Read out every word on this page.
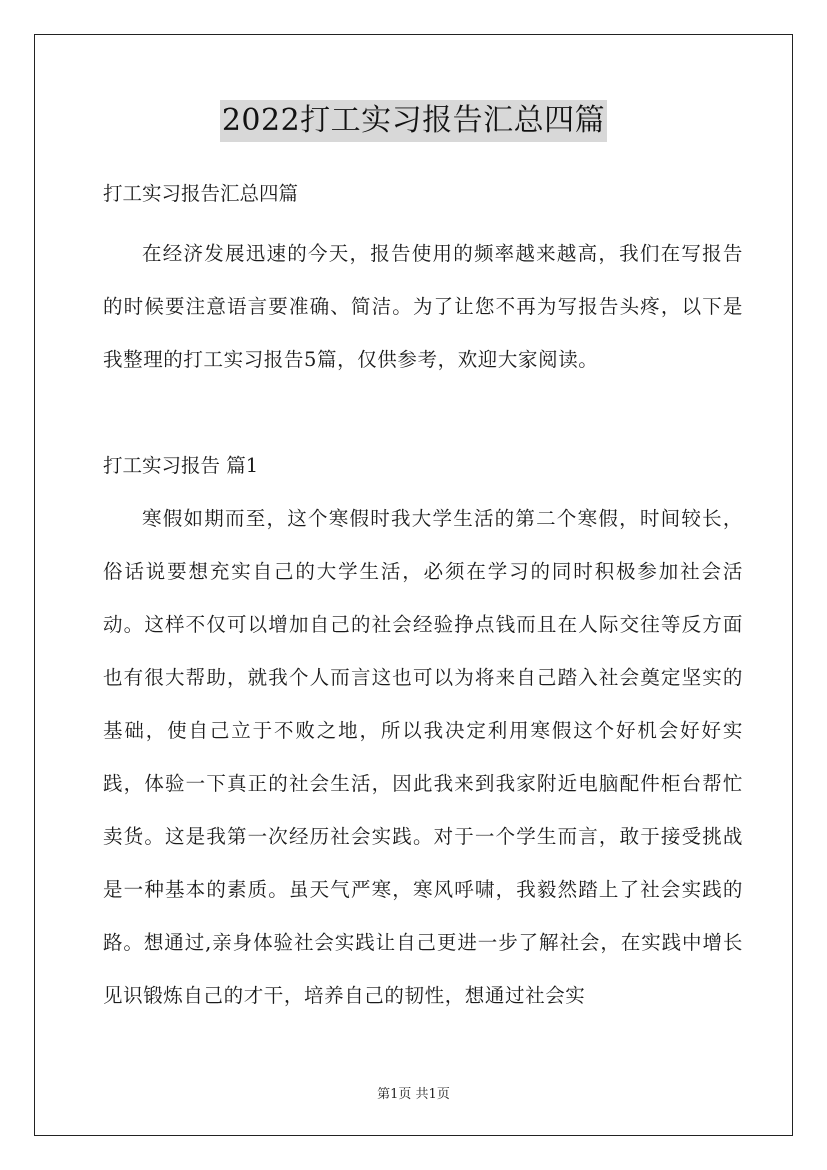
2022打工实习报告汇总四篇

打工实习报告汇总四篇

在经济发展迅速的今天，报告使用的频率越来越高，我们在写报告的时候要注意语言要准确、简洁。为了让您不再为写报告头疼，以下是我整理的打工实习报告5篇，仅供参考，欢迎大家阅读。

打工实习报告 篇1

寒假如期而至，这个寒假时我大学生活的第二个寒假，时间较长，俗话说要想充实自己的大学生活，必须在学习的同时积极参加社会活动。这样不仅可以增加自己的社会经验挣点钱而且在人际交往等反方面也有很大帮助，就我个人而言这也可以为将来自己踏入社会奠定坚实的基础，使自己立于不败之地，所以我决定利用寒假这个好机会好好实践，体验一下真正的社会生活，因此我来到我家附近电脑配件柜台帮忙卖货。这是我第一次经历社会实践。对于一个学生而言，敢于接受挑战是一种基本的素质。虽天气严寒，寒风呼啸，我毅然踏上了社会实践的路。想通过,亲身体验社会实践让自己更进一步了解社会，在实践中增长见识锻炼自己的才干，培养自己的韧性，想通过社会实

第1页 共1页
